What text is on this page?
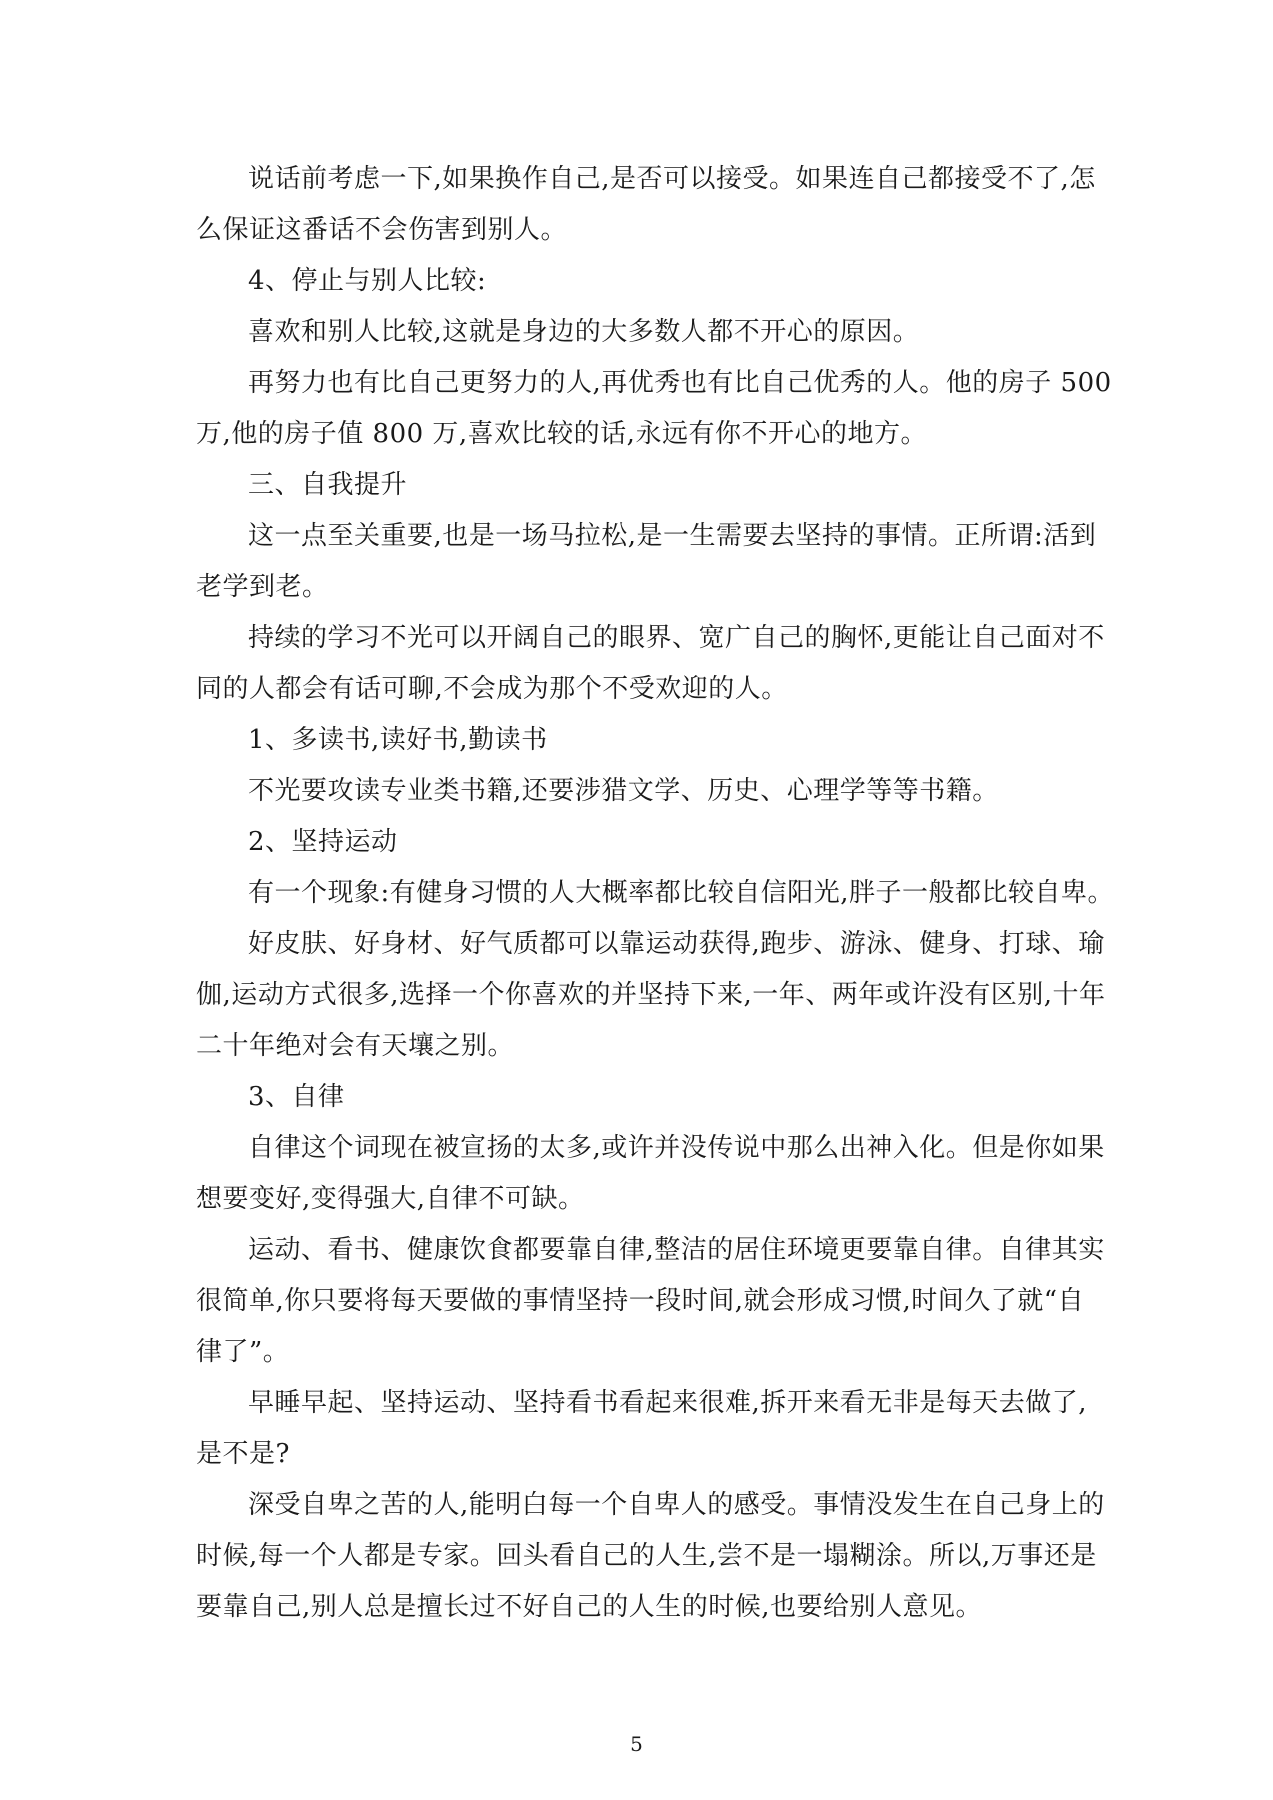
说话前考虑一下,如果换作自己,是否可以接受。如果连自己都接受不了,怎
么保证这番话不会伤害到别人。
4、停止与别人比较:
喜欢和别人比较,这就是身边的大多数人都不开心的原因。
再努力也有比自己更努力的人,再优秀也有比自己优秀的人。他的房子 500
万,他的房子值 800 万,喜欢比较的话,永远有你不开心的地方。
三、自我提升
这一点至关重要,也是一场马拉松,是一生需要去坚持的事情。正所谓:活到
老学到老。
持续的学习不光可以开阔自己的眼界、宽广自己的胸怀,更能让自己面对不
同的人都会有话可聊,不会成为那个不受欢迎的人。
1、多读书,读好书,勤读书
不光要攻读专业类书籍,还要涉猎文学、历史、心理学等等书籍。
2、坚持运动
有一个现象:有健身习惯的人大概率都比较自信阳光,胖子一般都比较自卑。
好皮肤、好身材、好气质都可以靠运动获得,跑步、游泳、健身、打球、瑜
伽,运动方式很多,选择一个你喜欢的并坚持下来,一年、两年或许没有区别,十年
二十年绝对会有天壤之别。
3、自律
自律这个词现在被宣扬的太多,或许并没传说中那么出神入化。但是你如果
想要变好,变得强大,自律不可缺。
运动、看书、健康饮食都要靠自律,整洁的居住环境更要靠自律。自律其实
很简单,你只要将每天要做的事情坚持一段时间,就会形成习惯,时间久了就“自
律了”。
早睡早起、坚持运动、坚持看书看起来很难,拆开来看无非是每天去做了,
是不是?
深受自卑之苦的人,能明白每一个自卑人的感受。事情没发生在自己身上的
时候,每一个人都是专家。回头看自己的人生,尝不是一塌糊涂。所以,万事还是
要靠自己,别人总是擅长过不好自己的人生的时候,也要给别人意见。
5
